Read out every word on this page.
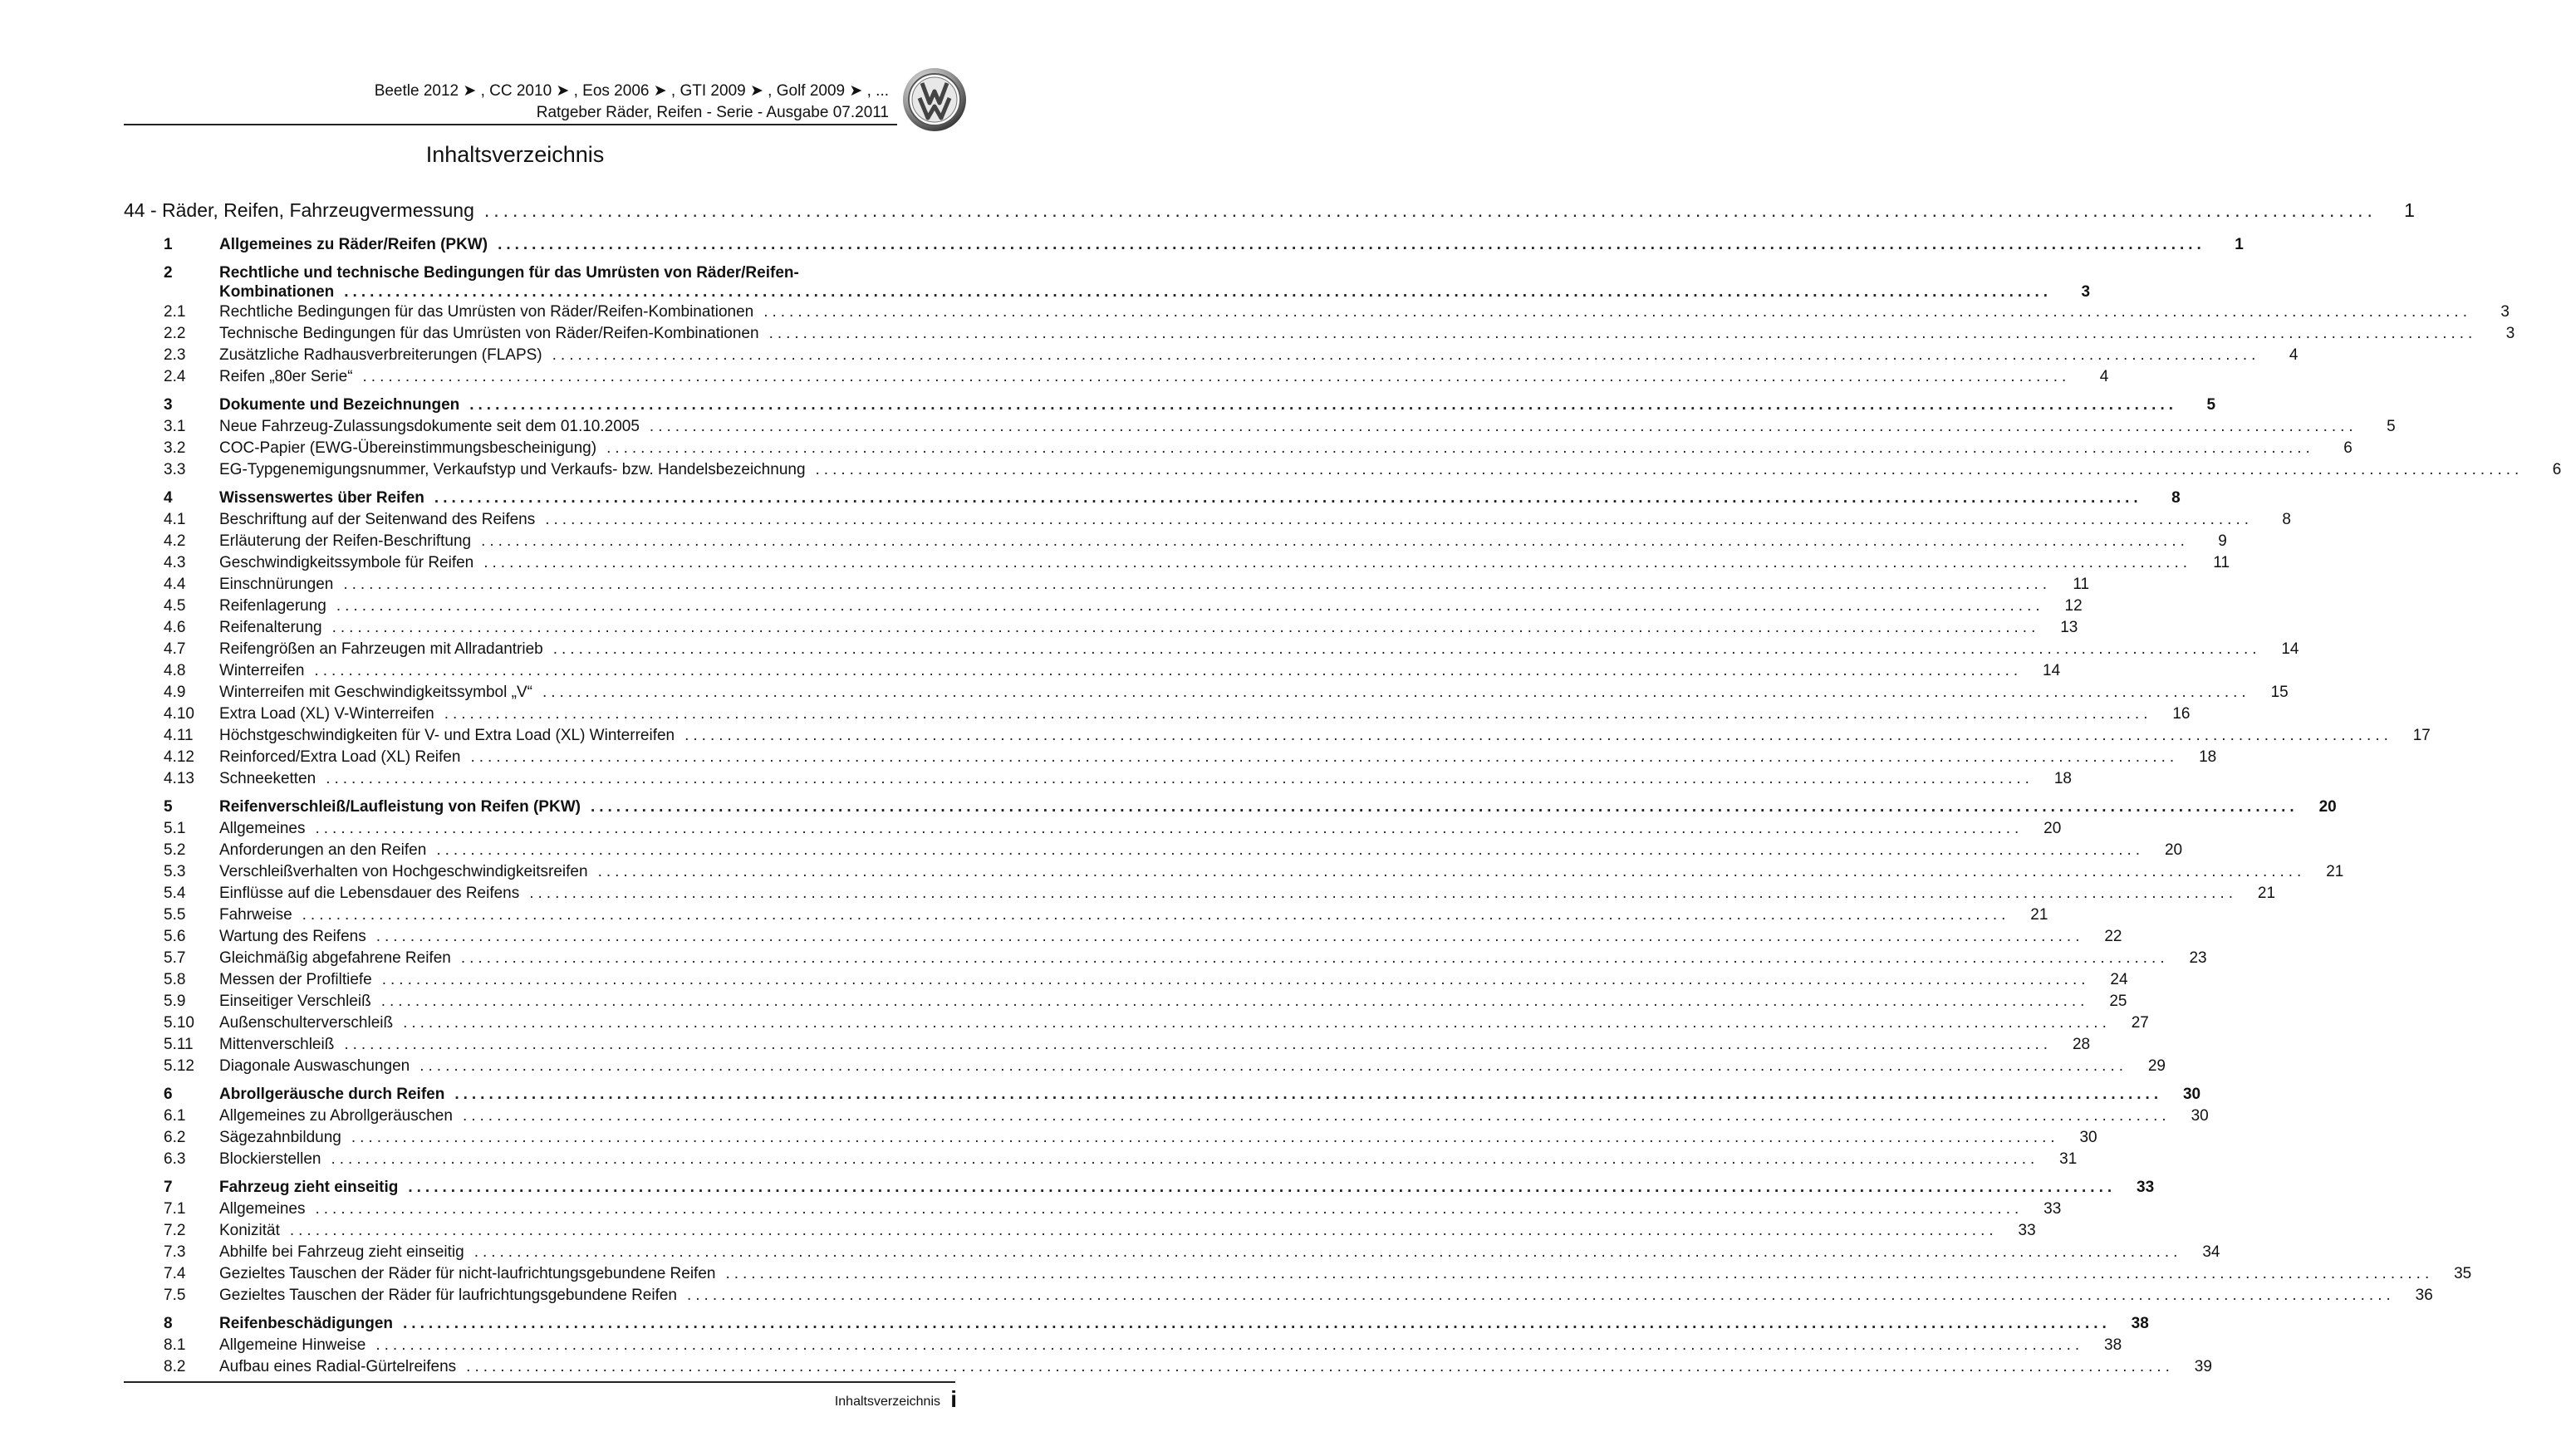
Beetle 2012 ➤ , CC 2010 ➤ , Eos 2006 ➤ , GTI 2009 ➤ , Golf 2009 ➤ , ...
Ratgeber Räder, Reifen - Serie - Ausgabe 07.2011
Inhaltsverzeichnis
44 - Räder, Reifen, Fahrzeugvermessung ........................................................................................................................................................................................................	1
1	Allgemeines zu Räder/Reifen (PKW) ........................................................................................................................................................................................................	1
2	Rechtliche und technische Bedingungen für das Umrüsten von Räder/Reifen-
Kombinationen ........................................................................................................................................................................................................	3
2.1	Rechtliche Bedingungen für das Umrüsten von Räder/Reifen-Kombinationen ........................................................................................................................................................................................................	3
2.2	Technische Bedingungen für das Umrüsten von Räder/Reifen-Kombinationen ........................................................................................................................................................................................................	3
2.3	Zusätzliche Radhausverbreiterungen (FLAPS) ........................................................................................................................................................................................................	4
2.4	Reifen „80er Serie“ ........................................................................................................................................................................................................	4
3	Dokumente und Bezeichnungen ........................................................................................................................................................................................................	5
3.1	Neue Fahrzeug-Zulassungsdokumente seit dem 01.10.2005 ........................................................................................................................................................................................................	5
3.2	COC-Papier (EWG-Übereinstimmungsbescheinigung) ........................................................................................................................................................................................................	6
3.3	EG-Typgenemigungsnummer, Verkaufstyp und Verkaufs- bzw. Handelsbezeichnung ........................................................................................................................................................................................................	6
4	Wissenswertes über Reifen ........................................................................................................................................................................................................	8
4.1	Beschriftung auf der Seitenwand des Reifens ........................................................................................................................................................................................................	8
4.2	Erläuterung der Reifen-Beschriftung ........................................................................................................................................................................................................	9
4.3	Geschwindigkeitssymbole für Reifen ........................................................................................................................................................................................................	11
4.4	Einschnürungen ........................................................................................................................................................................................................	11
4.5	Reifenlagerung ........................................................................................................................................................................................................	12
4.6	Reifenalterung ........................................................................................................................................................................................................	13
4.7	Reifengrößen an Fahrzeugen mit Allradantrieb ........................................................................................................................................................................................................	14
4.8	Winterreifen ........................................................................................................................................................................................................	14
4.9	Winterreifen mit Geschwindigkeitssymbol „V“ ........................................................................................................................................................................................................	15
4.10	Extra Load (XL) V-Winterreifen ........................................................................................................................................................................................................	16
4.11	Höchstgeschwindigkeiten für V- und Extra Load (XL) Winterreifen ........................................................................................................................................................................................................	17
4.12	Reinforced/Extra Load (XL) Reifen ........................................................................................................................................................................................................	18
4.13	Schneeketten ........................................................................................................................................................................................................	18
5	Reifenverschleiß/Laufleistung von Reifen (PKW) ........................................................................................................................................................................................................	20
5.1	Allgemeines ........................................................................................................................................................................................................	20
5.2	Anforderungen an den Reifen ........................................................................................................................................................................................................	20
5.3	Verschleißverhalten von Hochgeschwindigkeitsreifen ........................................................................................................................................................................................................	21
5.4	Einflüsse auf die Lebensdauer des Reifens ........................................................................................................................................................................................................	21
5.5	Fahrweise ........................................................................................................................................................................................................	21
5.6	Wartung des Reifens ........................................................................................................................................................................................................	22
5.7	Gleichmäßig abgefahrene Reifen ........................................................................................................................................................................................................	23
5.8	Messen der Profiltiefe ........................................................................................................................................................................................................	24
5.9	Einseitiger Verschleiß ........................................................................................................................................................................................................	25
5.10	Außenschulterverschleiß ........................................................................................................................................................................................................	27
5.11	Mittenverschleiß ........................................................................................................................................................................................................	28
5.12	Diagonale Auswaschungen ........................................................................................................................................................................................................	29
6	Abrollgeräusche durch Reifen ........................................................................................................................................................................................................	30
6.1	Allgemeines zu Abrollgeräuschen ........................................................................................................................................................................................................	30
6.2	Sägezahnbildung ........................................................................................................................................................................................................	30
6.3	Blockierstellen ........................................................................................................................................................................................................	31
7	Fahrzeug zieht einseitig ........................................................................................................................................................................................................	33
7.1	Allgemeines ........................................................................................................................................................................................................	33
7.2	Konizität ........................................................................................................................................................................................................	33
7.3	Abhilfe bei Fahrzeug zieht einseitig ........................................................................................................................................................................................................	34
7.4	Gezieltes Tauschen der Räder für nicht-laufrichtungsgebundene Reifen ........................................................................................................................................................................................................	35
7.5	Gezieltes Tauschen der Räder für laufrichtungsgebundene Reifen ........................................................................................................................................................................................................	36
8	Reifenbeschädigungen ........................................................................................................................................................................................................	38
8.1	Allgemeine Hinweise ........................................................................................................................................................................................................	38
8.2	Aufbau eines Radial-Gürtelreifens ........................................................................................................................................................................................................	39
Inhaltsverzeichnis i
